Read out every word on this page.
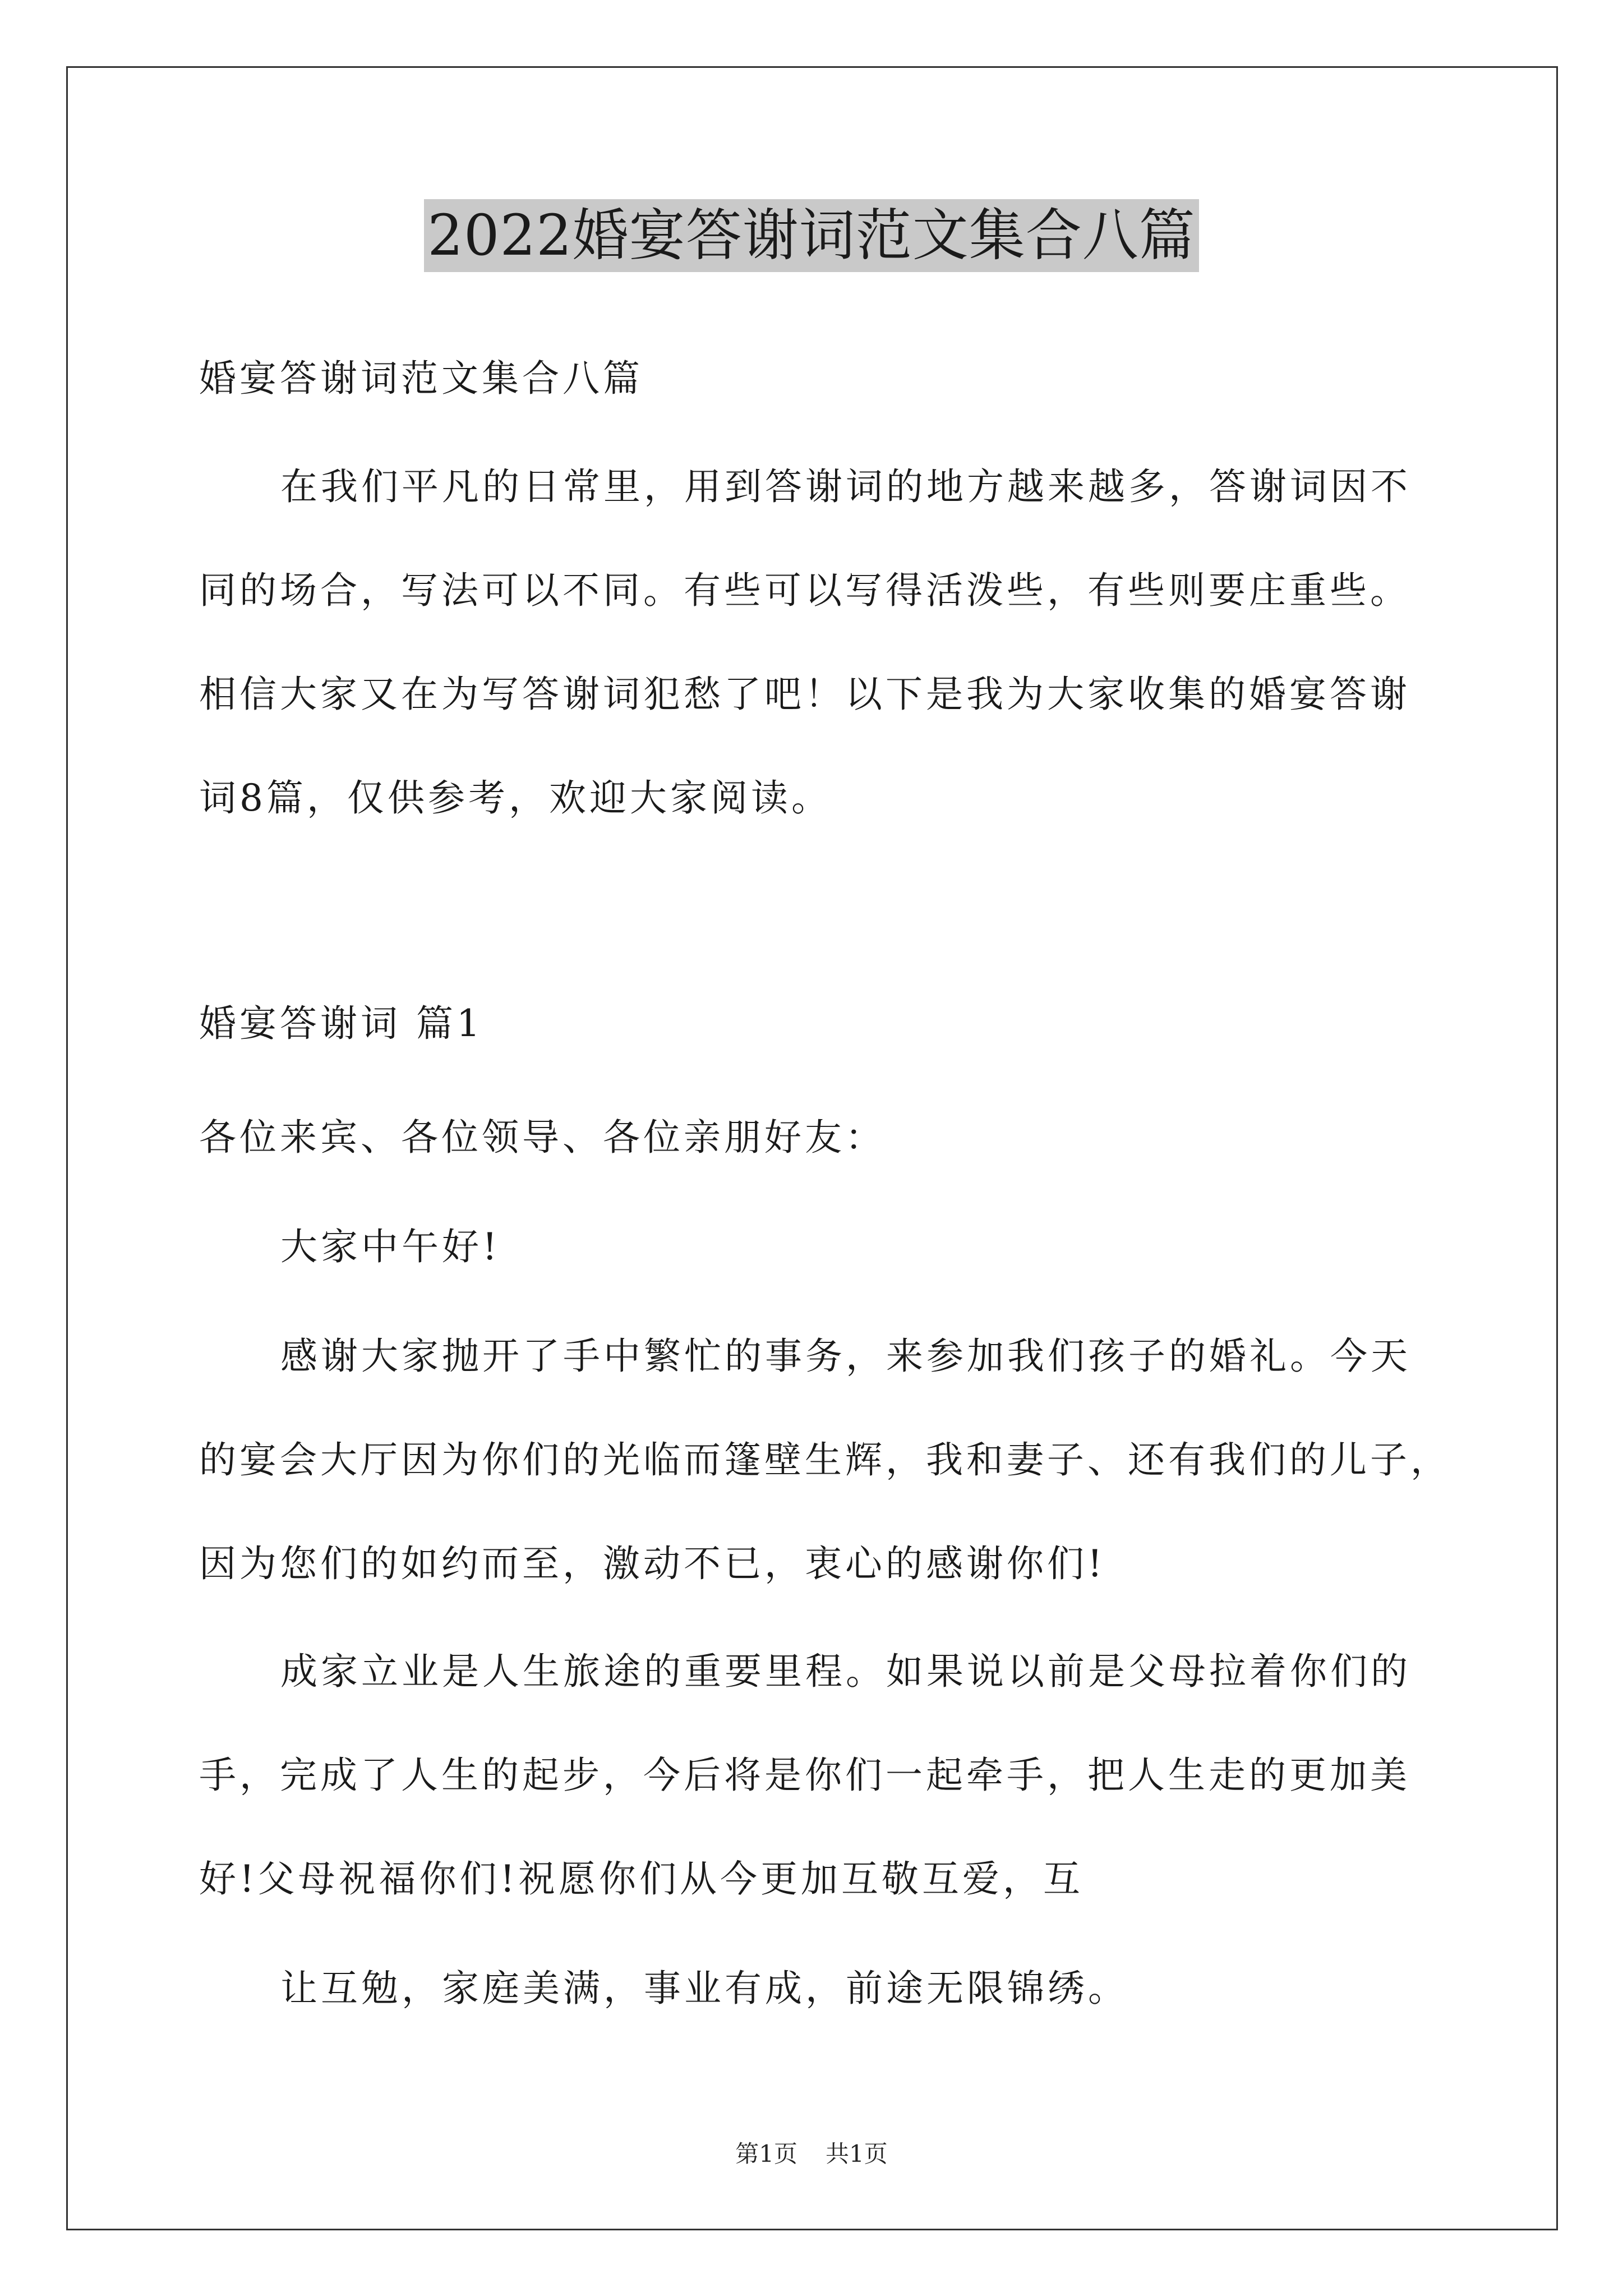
2022婚宴答谢词范文集合八篇
婚宴答谢词范文集合八篇
在我们平凡的日常里，用到答谢词的地方越来越多，答谢词因不
同的场合，写法可以不同。有些可以写得活泼些，有些则要庄重些。
相信大家又在为写答谢词犯愁了吧！以下是我为大家收集的婚宴答谢
词8篇，仅供参考，欢迎大家阅读。
婚宴答谢词 篇1
各位来宾、各位领导、各位亲朋好友：
大家中午好!
感谢大家抛开了手中繁忙的事务，来参加我们孩子的婚礼。今天
的宴会大厅因为你们的光临而篷壁生辉，我和妻子、还有我们的儿子，
因为您们的如约而至，激动不已，衷心的感谢你们!
成家立业是人生旅途的重要里程。如果说以前是父母拉着你们的
手，完成了人生的起步，今后将是你们一起牵手，把人生走的更加美
好!父母祝福你们!祝愿你们从今更加互敬互爱，互
让互勉，家庭美满，事业有成，前途无限锦绣。
第1页 共1页
